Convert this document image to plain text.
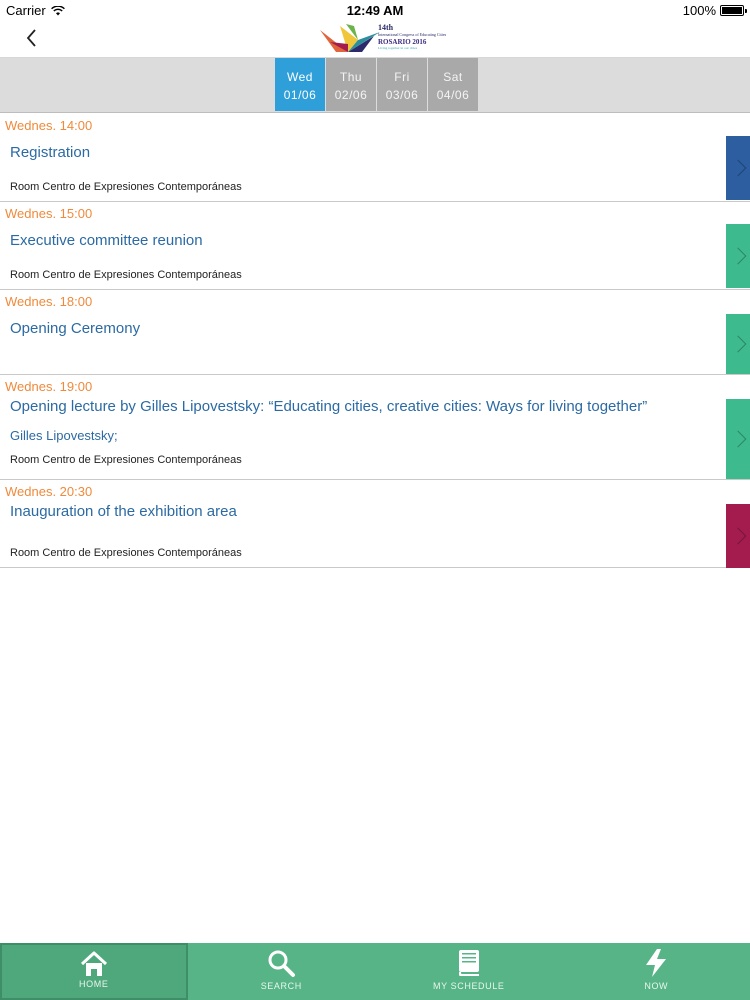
Carrier	12:49 AM	100%
14th
International Congress of Educating Cities
ROSARIO 2016
Living together in our cities
Wed
01/06
Thu
02/06
Fri
03/06
Sat
04/06
Wednes. 14:00
Registration
Room Centro de Expresiones Contemporáneas
Wednes. 15:00
Executive committee reunion
Room Centro de Expresiones Contemporáneas
Wednes. 18:00
Opening Ceremony
Wednes. 19:00
Opening lecture by Gilles Lipovestsky: “Educating cities, creative cities: Ways for living together”
Gilles Lipovestsky;
Room Centro de Expresiones Contemporáneas
Wednes. 20:30
Inauguration of the exhibition area
Room Centro de Expresiones Contemporáneas
HOME	SEARCH	MY SCHEDULE	NOW
